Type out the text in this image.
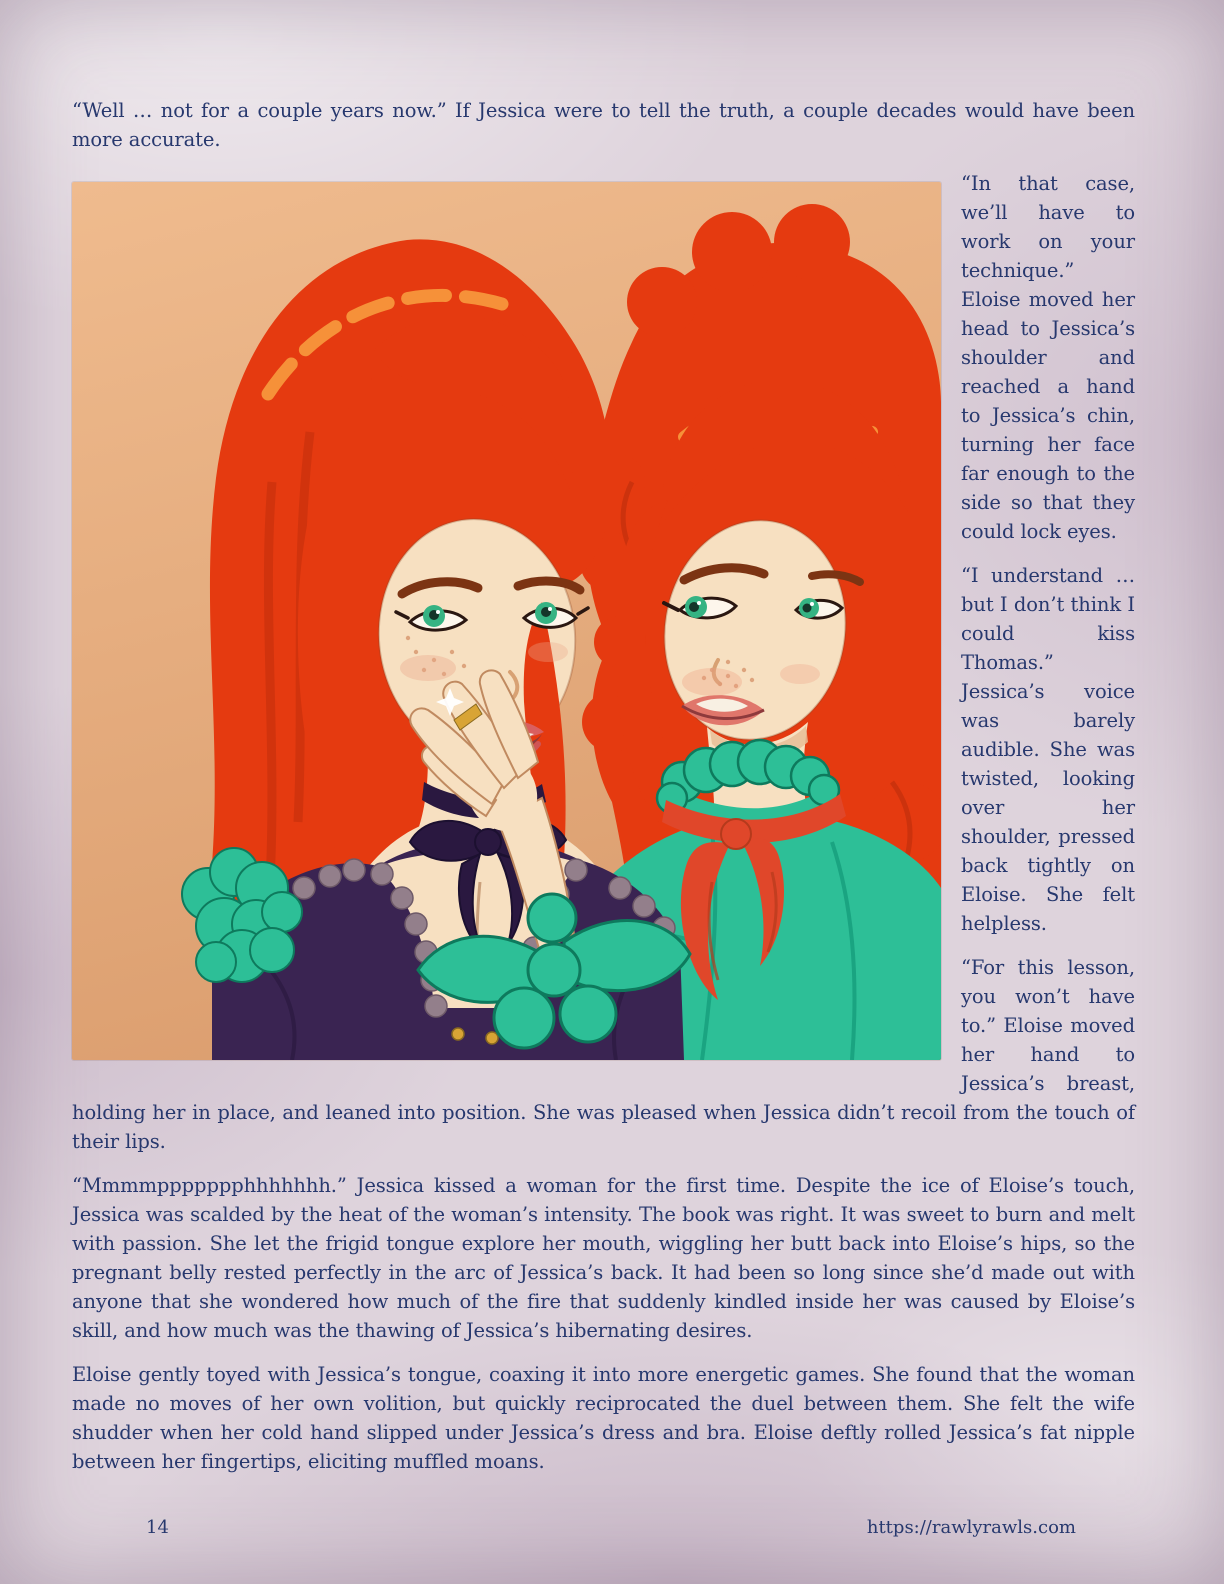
“Well … not for a couple years now.” If Jessica were to tell the truth, a couple decades would have been more accurate.

“In that case, we’ll have to work on your technique.” Eloise moved her head to Jessica’s shoulder and reached a hand to Jessica’s chin, turning her face far enough to the side so that they could lock eyes.

“I understand … but I don’t think I could kiss Thomas.” Jessica’s voice was barely audible. She was twisted, looking over her shoulder, pressed back tightly on Eloise. She felt helpless.

“For this lesson, you won’t have to.” Eloise moved her hand to Jessica’s breast, holding her in place, and leaned into position. She was pleased when Jessica didn’t recoil from the touch of their lips.

“Mmmmppppppphhhhhhh.” Jessica kissed a woman for the first time. Despite the ice of Eloise’s touch, Jessica was scalded by the heat of the woman’s intensity. The book was right. It was sweet to burn and melt with passion. She let the frigid tongue explore her mouth, wiggling her butt back into Eloise’s hips, so the pregnant belly rested perfectly in the arc of Jessica’s back. It had been so long since she’d made out with anyone that she wondered how much of the fire that suddenly kindled inside her was caused by Eloise’s skill, and how much was the thawing of Jessica’s hibernating desires.

Eloise gently toyed with Jessica’s tongue, coaxing it into more energetic games. She found that the woman made no moves of her own volition, but quickly reciprocated the duel between them. She felt the wife shudder when her cold hand slipped under Jessica’s dress and bra. Eloise deftly rolled Jessica’s fat nipple between her fingertips, eliciting muffled moans.

14	https://rawlyrawls.com
